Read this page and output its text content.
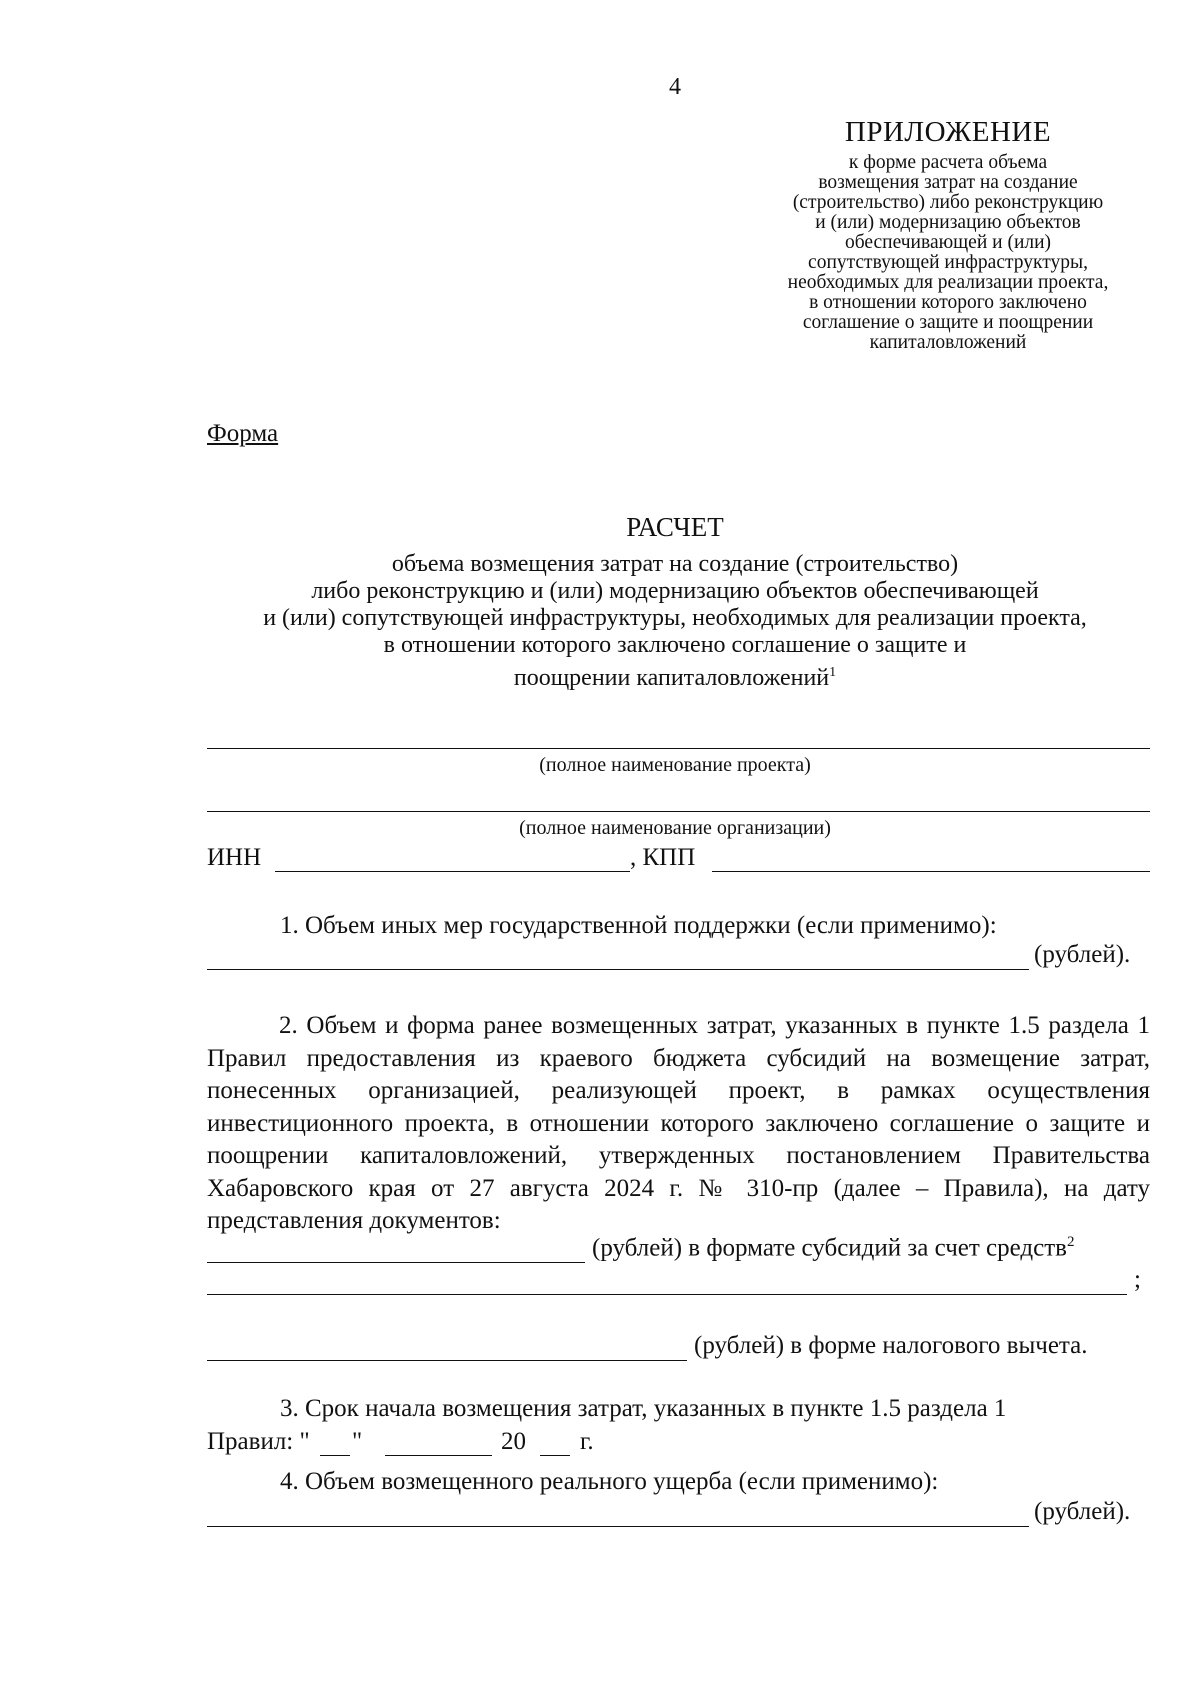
4
ПРИЛОЖЕНИЕ
к форме расчета объема
возмещения затрат на создание
(строительство) либо реконструкцию
и (или) модернизацию объектов
обеспечивающей и (или)
сопутствующей инфраструктуры,
необходимых для реализации проекта,
в отношении которого заключено
соглашение о защите и поощрении
капиталовложений
Форма
РАСЧЕТ
объема возмещения затрат на создание (строительство)
либо реконструкцию и (или) модернизацию объектов обеспечивающей
и (или) сопутствующей инфраструктуры, необходимых для реализации проекта,
в отношении которого заключено соглашение о защите и
поощрении капиталовложений$^1$
(полное наименование проекта)
(полное наименование организации)
ИНН	, КПП
1. Объем иных мер государственной поддержки (если применимо):
(рублей).
2. Объем и форма ранее возмещенных затрат, указанных в пункте 1.5 раздела 1 Правил предоставления из краевого бюджета субсидий на возмещение затрат, понесенных организацией, реализующей проект, в рамках осуществления инвестиционного проекта, в отношении которого заключено соглашение о защите и поощрении капиталовложений, утвержденных постановлением Правительства Хабаровского края от 27 августа 2024 г. № 310-пр (далее – Правила), на дату представления документов:
(рублей) в формате субсидий за счет средств$^2$
;
(рублей) в форме налогового вычета.
3. Срок начала возмещения затрат, указанных в пункте 1.5 раздела 1
Правил: " "	20 г.
4. Объем возмещенного реального ущерба (если применимо):
(рублей).
